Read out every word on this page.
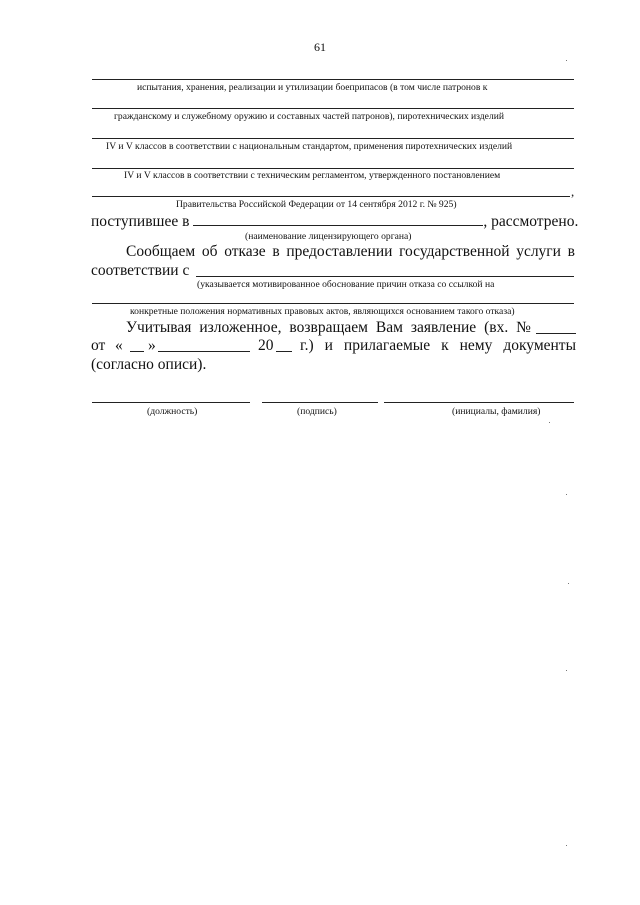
61
испытания, хранения, реализации и утилизации боеприпасов (в том числе патронов к
гражданскому и служебному оружию и составных частей патронов), пиротехнических изделий
IV и V классов в соответствии с национальным стандартом, применения пиротехнических изделий
IV и V классов в соответствии с техническим регламентом, утвержденного постановлением
,
Правительства Российской Федерации от 14 сентября 2012 г. № 925)
поступившее в	, рассмотрено.
(наименование лицензирующего органа)
Сообщаем об отказе в предоставлении государственной услуги в
соответствии с
(указывается мотивированное обоснование причин отказа со ссылкой на
конкретные положения нормативных правовых актов, являющихся основанием такого отказа)
Учитывая изложенное, возвращаем Вам заявление (вх. №
от « »	20 г.) и прилагаемые к нему документы
(согласно описи).
(должность)	(подпись)	(инициалы, фамилия)
